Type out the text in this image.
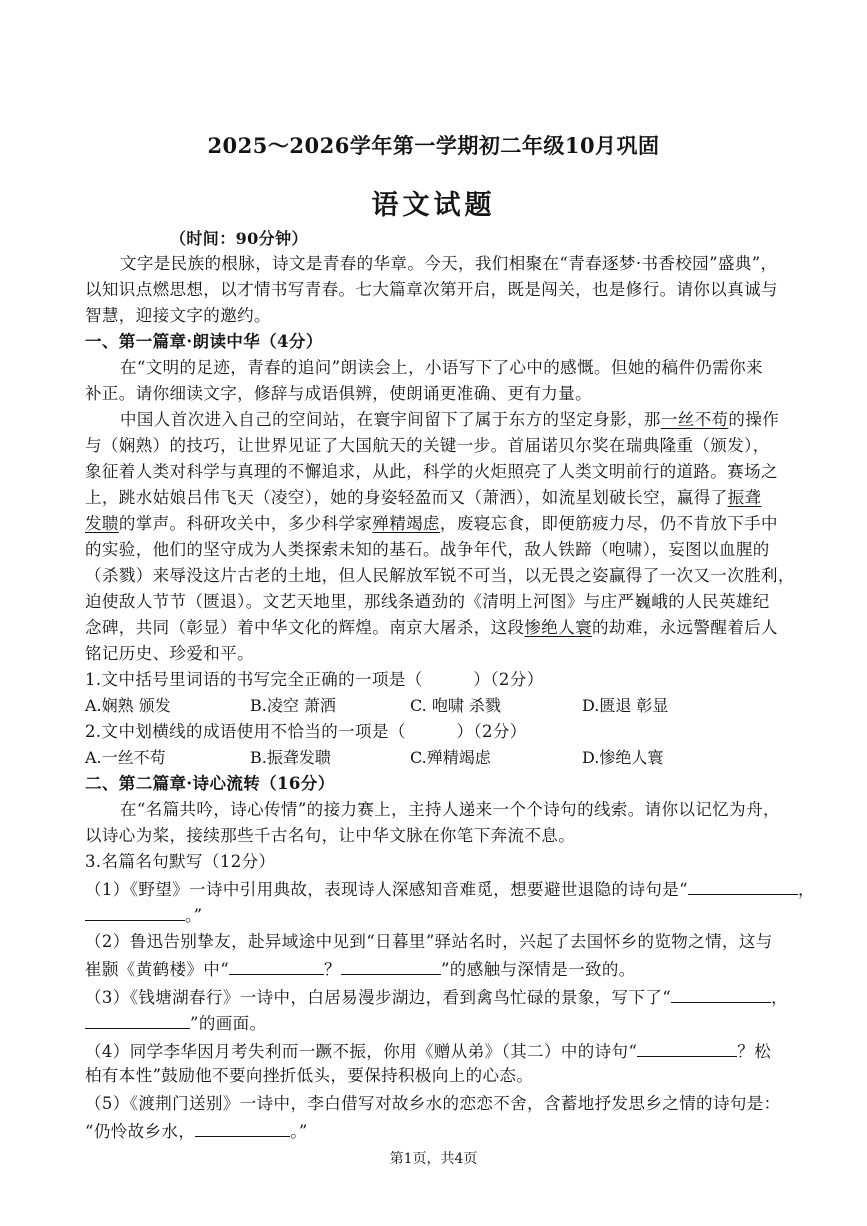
2025～2026学年第一学期初二年级10月巩固
语文试题
（时间：90分钟）
文字是民族的根脉，诗文是青春的华章。今天，我们相聚在“青春逐梦·书香校园”盛典”，
以知识点燃思想，以才情书写青春。七大篇章次第开启，既是闯关，也是修行。请你以真诚与
智慧，迎接文字的邀约。
一、第一篇章·朗读中华（4分）
在“文明的足迹，青春的追问”朗读会上，小语写下了心中的感慨。但她的稿件仍需你来
补正。请你细读文字，修辞与成语俱辨，使朗诵更准确、更有力量。
中国人首次进入自己的空间站，在寰宇间留下了属于东方的坚定身影，那一丝不苟的操作
与（娴熟）的技巧，让世界见证了大国航天的关键一步。首届诺贝尔奖在瑞典隆重（颁发），
象征着人类对科学与真理的不懈追求，从此，科学的火炬照亮了人类文明前行的道路。赛场之
上，跳水姑娘吕伟飞天（凌空），她的身姿轻盈而又（萧洒），如流星划破长空，赢得了振聋
发聩的掌声。科研攻关中，多少科学家殚精竭虑，废寝忘食，即便筋疲力尽，仍不肯放下手中
的实验，他们的坚守成为人类探索未知的基石。战争年代，敌人铁蹄（咆啸），妄图以血腥的
（杀戮）来辱没这片古老的土地，但人民解放军锐不可当，以无畏之姿赢得了一次又一次胜利，
迫使敌人节节（匮退）。文艺天地里，那线条遒劲的《清明上河图》与庄严巍峨的人民英雄纪
念碑，共同（彰显）着中华文化的辉煌。南京大屠杀，这段惨绝人寰的劫难，永远警醒着后人
铭记历史、珍爱和平。
1.文中括号里词语的书写完全正确的一项是（　　　）（2分）
A.娴熟 颁发	B.凌空 萧洒	C. 咆啸 杀戮	D.匮退 彰显
2.文中划横线的成语使用不恰当的一项是（　　　）（2分）
A.一丝不苟	B.振聋发聩	C.殚精竭虑	D.惨绝人寰
二、第二篇章·诗心流转（16分）
在“名篇共吟，诗心传情”的接力赛上，主持人递来一个个诗句的线索。请你以记忆为舟，
以诗心为桨，接续那些千古名句，让中华文脉在你笔下奔流不息。
3.名篇名句默写（12分）
（1）《野望》一诗中引用典故，表现诗人深感知音难觅，想要避世退隐的诗句是“	，
。”
（2）鲁迅告别挚友，赴异域途中见到“日暮里”驿站名时，兴起了去国怀乡的览物之情，这与
崔颢《黄鹤楼》中“	？	”的感触与深情是一致的。
（3）《钱塘湖春行》一诗中，白居易漫步湖边，看到禽鸟忙碌的景象，写下了“	，
”的画面。
（4）同学李华因月考失利而一蹶不振，你用《赠从弟》（其二）中的诗句“	？松
柏有本性”鼓励他不要向挫折低头，要保持积极向上的心态。
（5）《渡荆门送别》一诗中，李白借写对故乡水的恋恋不舍，含蓄地抒发思乡之情的诗句是：
“仍怜故乡水，	。”
第1页，共4页
